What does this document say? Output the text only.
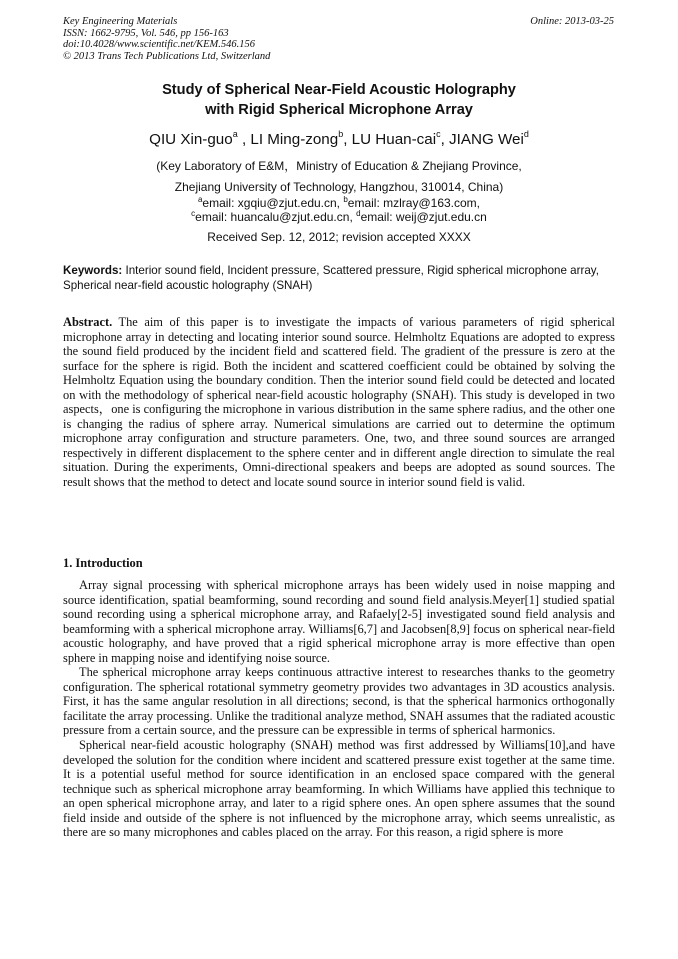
Key Engineering Materials
ISSN: 1662-9795, Vol. 546, pp 156-163
doi:10.4028/www.scientific.net/KEM.546.156
© 2013 Trans Tech Publications Ltd, Switzerland
Online: 2013-03-25
Study of Spherical Near-Field Acoustic Holography
with Rigid Spherical Microphone Array
QIU Xin-guo$^a$ , LI Ming-zong$^b$, LU Huan-cai$^c$, JIANG Wei$^d$
(Key Laboratory of E&M，Ministry of Education & Zhejiang Province,
Zhejiang University of Technology, Hangzhou, 310014, China)
$^a$email: xgqiu@zjut.edu.cn, $^b$email: mzlray@163.com,
$^c$email: huancalu@zjut.edu.cn, $^d$email: weij@zjut.edu.cn
Received Sep. 12, 2012; revision accepted XXXX
Keywords: Interior sound field, Incident pressure, Scattered pressure, Rigid spherical microphone array, Spherical near-field acoustic holography (SNAH)
Abstract. The aim of this paper is to investigate the impacts of various parameters of rigid spherical microphone array in detecting and locating interior sound source. Helmholtz Equations are adopted to express the sound field produced by the incident field and scattered field. The gradient of the pressure is zero at the surface for the sphere is rigid. Both the incident and scattered coefficient could be obtained by solving the Helmholtz Equation using the boundary condition. Then the interior sound field could be detected and located on with the methodology of spherical near-field acoustic holography (SNAH). This study is developed in two aspects，one is configuring the microphone in various distribution in the same sphere radius, and the other one is changing the radius of sphere array. Numerical simulations are carried out to determine the optimum microphone array configuration and structure parameters. One, two, and three sound sources are arranged respectively in different displacement to the sphere center and in different angle direction to simulate the real situation. During the experiments, Omni-directional speakers and beeps are adopted as sound sources. The result shows that the method to detect and locate sound source in interior sound field is valid.
1. Introduction

Array signal processing with spherical microphone arrays has been widely used in noise mapping and source identification, spatial beamforming, sound recording and sound field analysis.Meyer[1] studied spatial sound recording using a spherical microphone array, and Rafaely[2-5] investigated sound field analysis and beamforming with a spherical microphone array. Williams[6,7] and Jacobsen[8,9] focus on spherical near-field acoustic holography, and have proved that a rigid spherical microphone array is more effective than open sphere in mapping noise and identifying noise source.

The spherical microphone array keeps continuous attractive interest to researches thanks to the geometry configuration. The spherical rotational symmetry geometry provides two advantages in 3D acoustics analysis. First, it has the same angular resolution in all directions; second, is that the spherical harmonics orthogonally facilitate the array processing. Unlike the traditional analyze method, SNAH assumes that the radiated acoustic pressure from a certain source, and the pressure can be expressible in terms of spherical harmonics.

Spherical near-field acoustic holography (SNAH) method was first addressed by Williams[10],and have developed the solution for the condition where incident and scattered pressure exist together at the same time. It is a potential useful method for source identification in an enclosed space compared with the general technique such as spherical microphone array beamforming. In which Williams have applied this technique to an open spherical microphone array, and later to a rigid sphere ones. An open sphere assumes that the sound field inside and outside of the sphere is not influenced by the microphone array, which seems unrealistic, as there are so many microphones and cables placed on the array. For this reason, a rigid sphere is more
